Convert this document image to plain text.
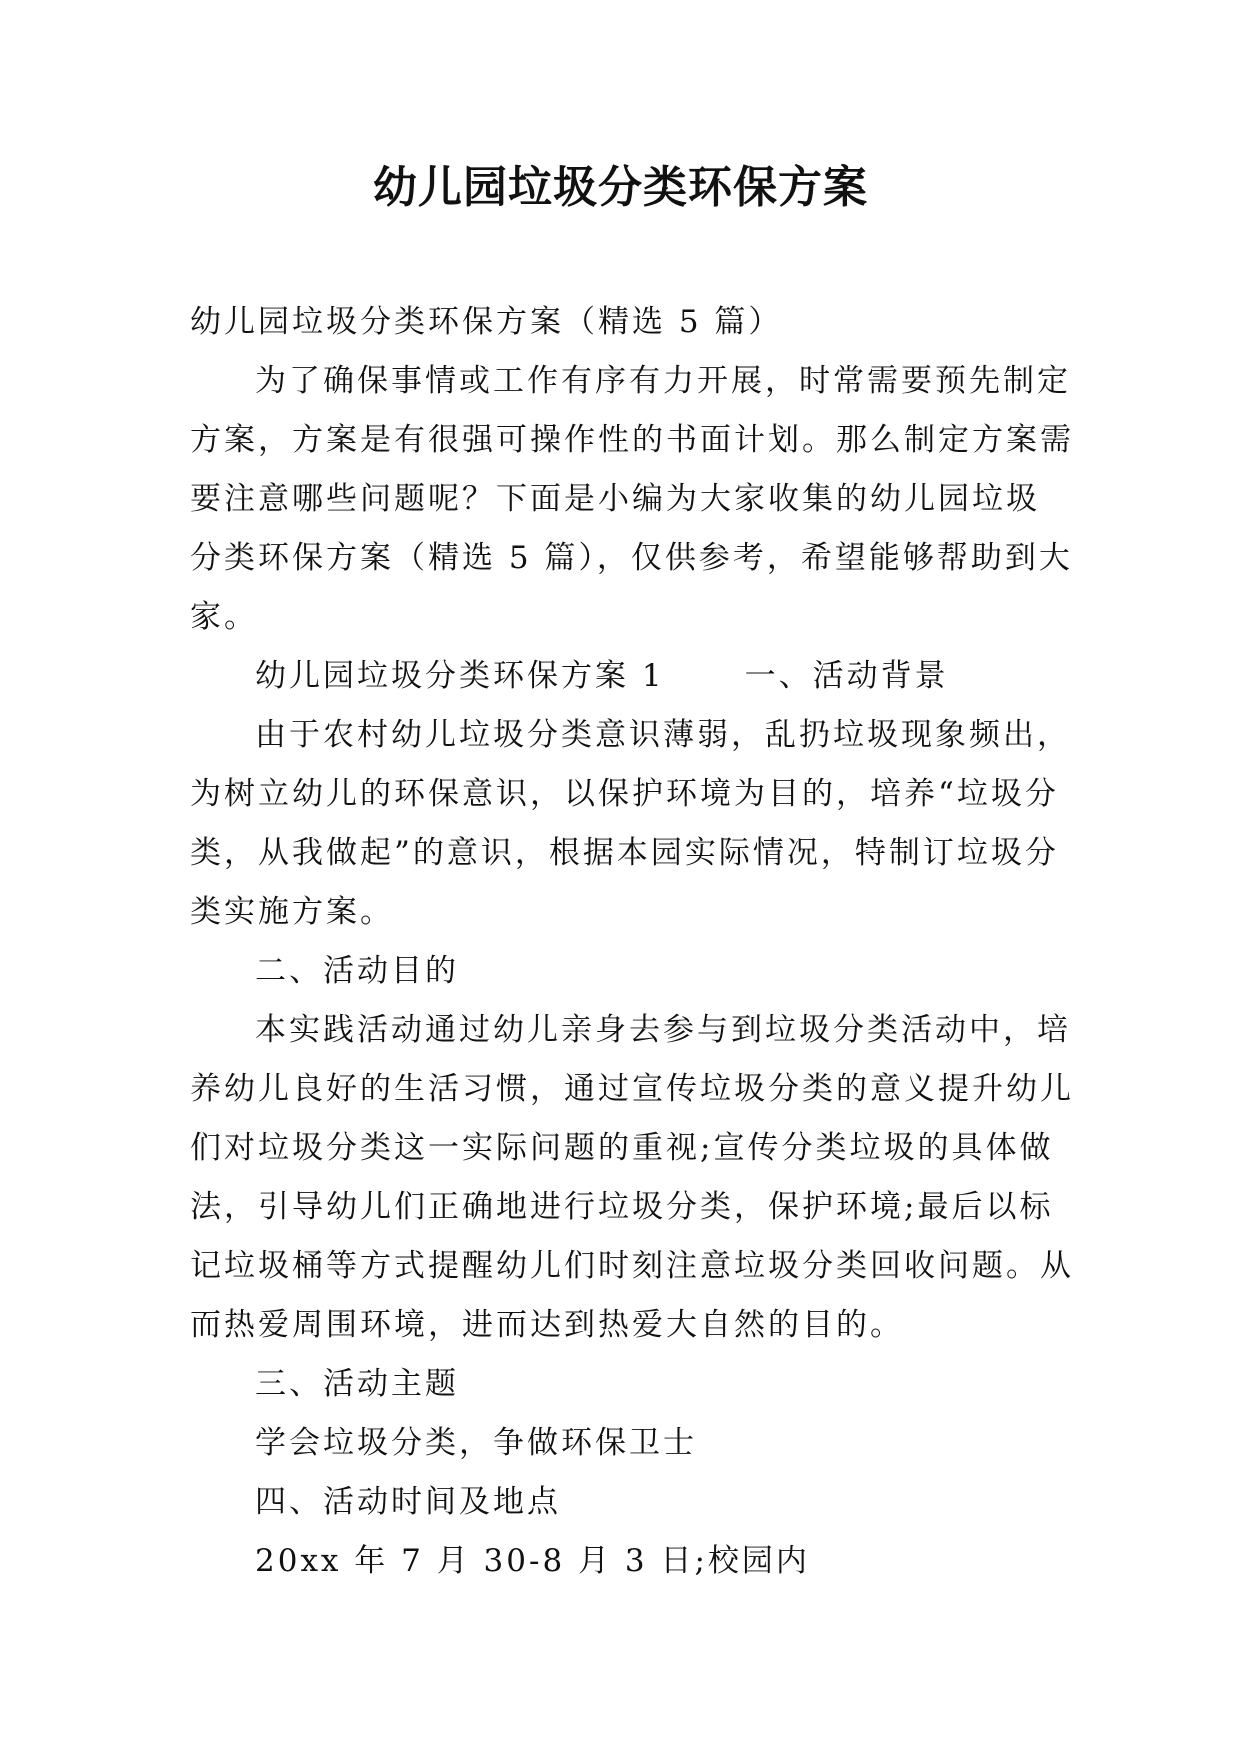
幼儿园垃圾分类环保方案
幼儿园垃圾分类环保方案（精选 5 篇）
为了确保事情或工作有序有力开展，时常需要预先制定
方案，方案是有很强可操作性的书面计划。那么制定方案需
要注意哪些问题呢？下面是小编为大家收集的幼儿园垃圾
分类环保方案（精选 5 篇），仅供参考，希望能够帮助到大
家。
幼儿园垃圾分类环保方案 1	一、活动背景
由于农村幼儿垃圾分类意识薄弱，乱扔垃圾现象频出，
为树立幼儿的环保意识，以保护环境为目的，培养“垃圾分
类，从我做起”的意识，根据本园实际情况，特制订垃圾分
类实施方案。
二、活动目的
本实践活动通过幼儿亲身去参与到垃圾分类活动中，培
养幼儿良好的生活习惯，通过宣传垃圾分类的意义提升幼儿
们对垃圾分类这一实际问题的重视;宣传分类垃圾的具体做
法，引导幼儿们正确地进行垃圾分类，保护环境;最后以标
记垃圾桶等方式提醒幼儿们时刻注意垃圾分类回收问题。从
而热爱周围环境，进而达到热爱大自然的目的。
三、活动主题
学会垃圾分类，争做环保卫士
四、活动时间及地点
20xx 年 7 月 30-8 月 3 日;校园内
